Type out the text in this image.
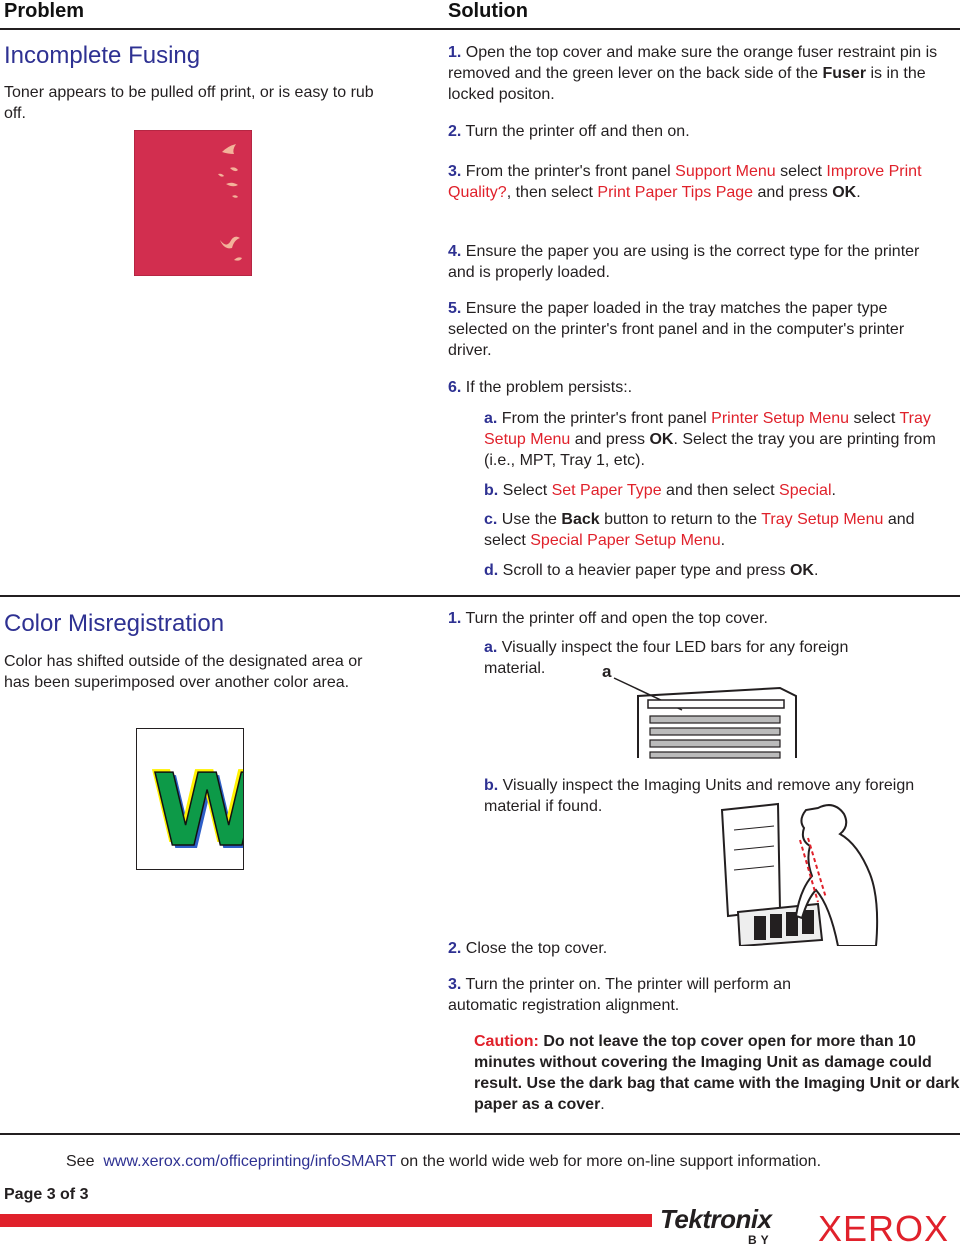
Problem	Solution
Incomplete Fusing
Toner appears to be pulled off print, or is easy to rub off.
1. Open the top cover and make sure the orange fuser restraint pin is removed and the green lever on the back side of the Fuser is in the locked positon.
2. Turn the printer off and then on.
3. From the printer's front panel Support Menu select Improve Print Quality?, then select Print Paper Tips Page and press OK.
4. Ensure the paper you are using is the correct type for the printer and is properly loaded.
5. Ensure the paper loaded in the tray matches the paper type selected on the printer's front panel and in the computer's printer driver.
6. If the problem persists:.
a. From the printer's front panel Printer Setup Menu select Tray Setup Menu and press OK. Select the tray you are printing from (i.e., MPT, Tray 1, etc).
b. Select Set Paper Type and then select Special.
c. Use the Back button to return to the Tray Setup Menu and select Special Paper Setup Menu.
d. Scroll to a heavier paper type and press OK.
Color Misregistration
Color has shifted outside of the designated area or has been superimposed over another color area.
W
W
W
1. Turn the printer off and open the top cover.
a. Visually inspect the four LED bars for any foreign material.	a
b. Visually inspect the Imaging Units and remove any foreign material if found.
2. Close the top cover.
3. Turn the printer on. The printer will perform an automatic registration alignment.
Caution: Do not leave the top cover open for more than 10 minutes without covering the Imaging Unit as damage could result. Use the dark bag that came with the Imaging Unit or dark paper as a cover.
See www.xerox.com/officeprinting/infoSMART on the world wide web for more on-line support information.
Page 3 of 3
Tektronix
BY XEROX
